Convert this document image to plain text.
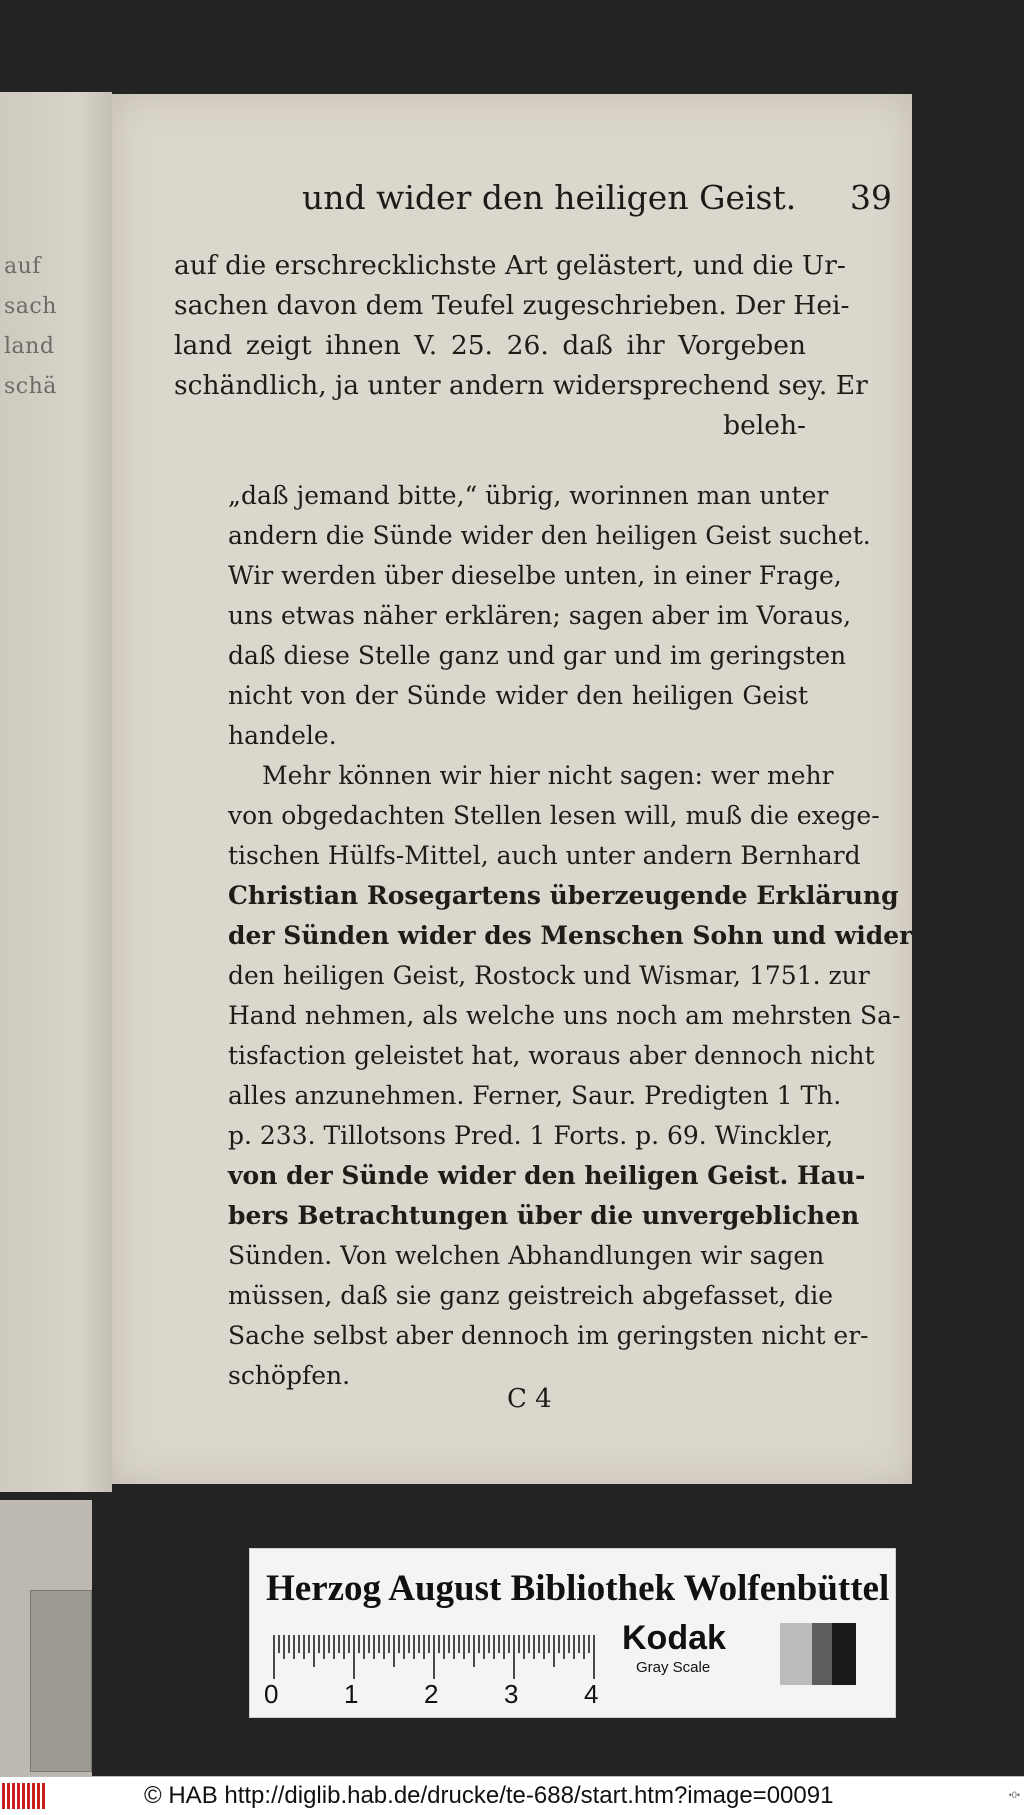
auf
sach
land
schä
und wider den heiligen Geist. 39
auf die erschrecklichste Art gelästert, und die Ur-
sachen davon dem Teufel zugeschrieben. Der Hei-
land zeigt ihnen V. 25. 26. daß ihr Vorgeben
schändlich, ja unter andern widersprechend sey. Er
beleh-
„daß jemand bitte,“ übrig, worinnen man unter
andern die Sünde wider den heiligen Geist suchet.
Wir werden über dieselbe unten, in einer Frage,
uns etwas näher erklären; sagen aber im Voraus,
daß diese Stelle ganz und gar und im geringsten
nicht von der Sünde wider den heiligen Geist
handele.
Mehr können wir hier nicht sagen: wer mehr
von obgedachten Stellen lesen will, muß die exege-
tischen Hülfs-Mittel, auch unter andern Bernhard
Christian Rosegartens überzeugende Erklärung
der Sünden wider des Menschen Sohn und wider
den heiligen Geist, Rostock und Wismar, 1751. zur
Hand nehmen, als welche uns noch am mehrsten Sa-
tisfaction geleistet hat, woraus aber dennoch nicht
alles anzunehmen. Ferner, Saur. Predigten 1 Th.
p. 233. Tillotsons Pred. 1 Forts. p. 69. Winckler,
von der Sünde wider den heiligen Geist. Hau-
bers Betrachtungen über die unvergeblichen
Sünden. Von welchen Abhandlungen wir sagen
müssen, daß sie ganz geistreich abgefasset, die
Sache selbst aber dennoch im geringsten nicht er-
schöpfen.
C 4
Herzog August Bibliothek Wolfenbüttel
0	1	2	3	4
Kodak
Gray Scale
© HAB http://diglib.hab.de/drucke/te-688/start.htm?image=00091	•0•
